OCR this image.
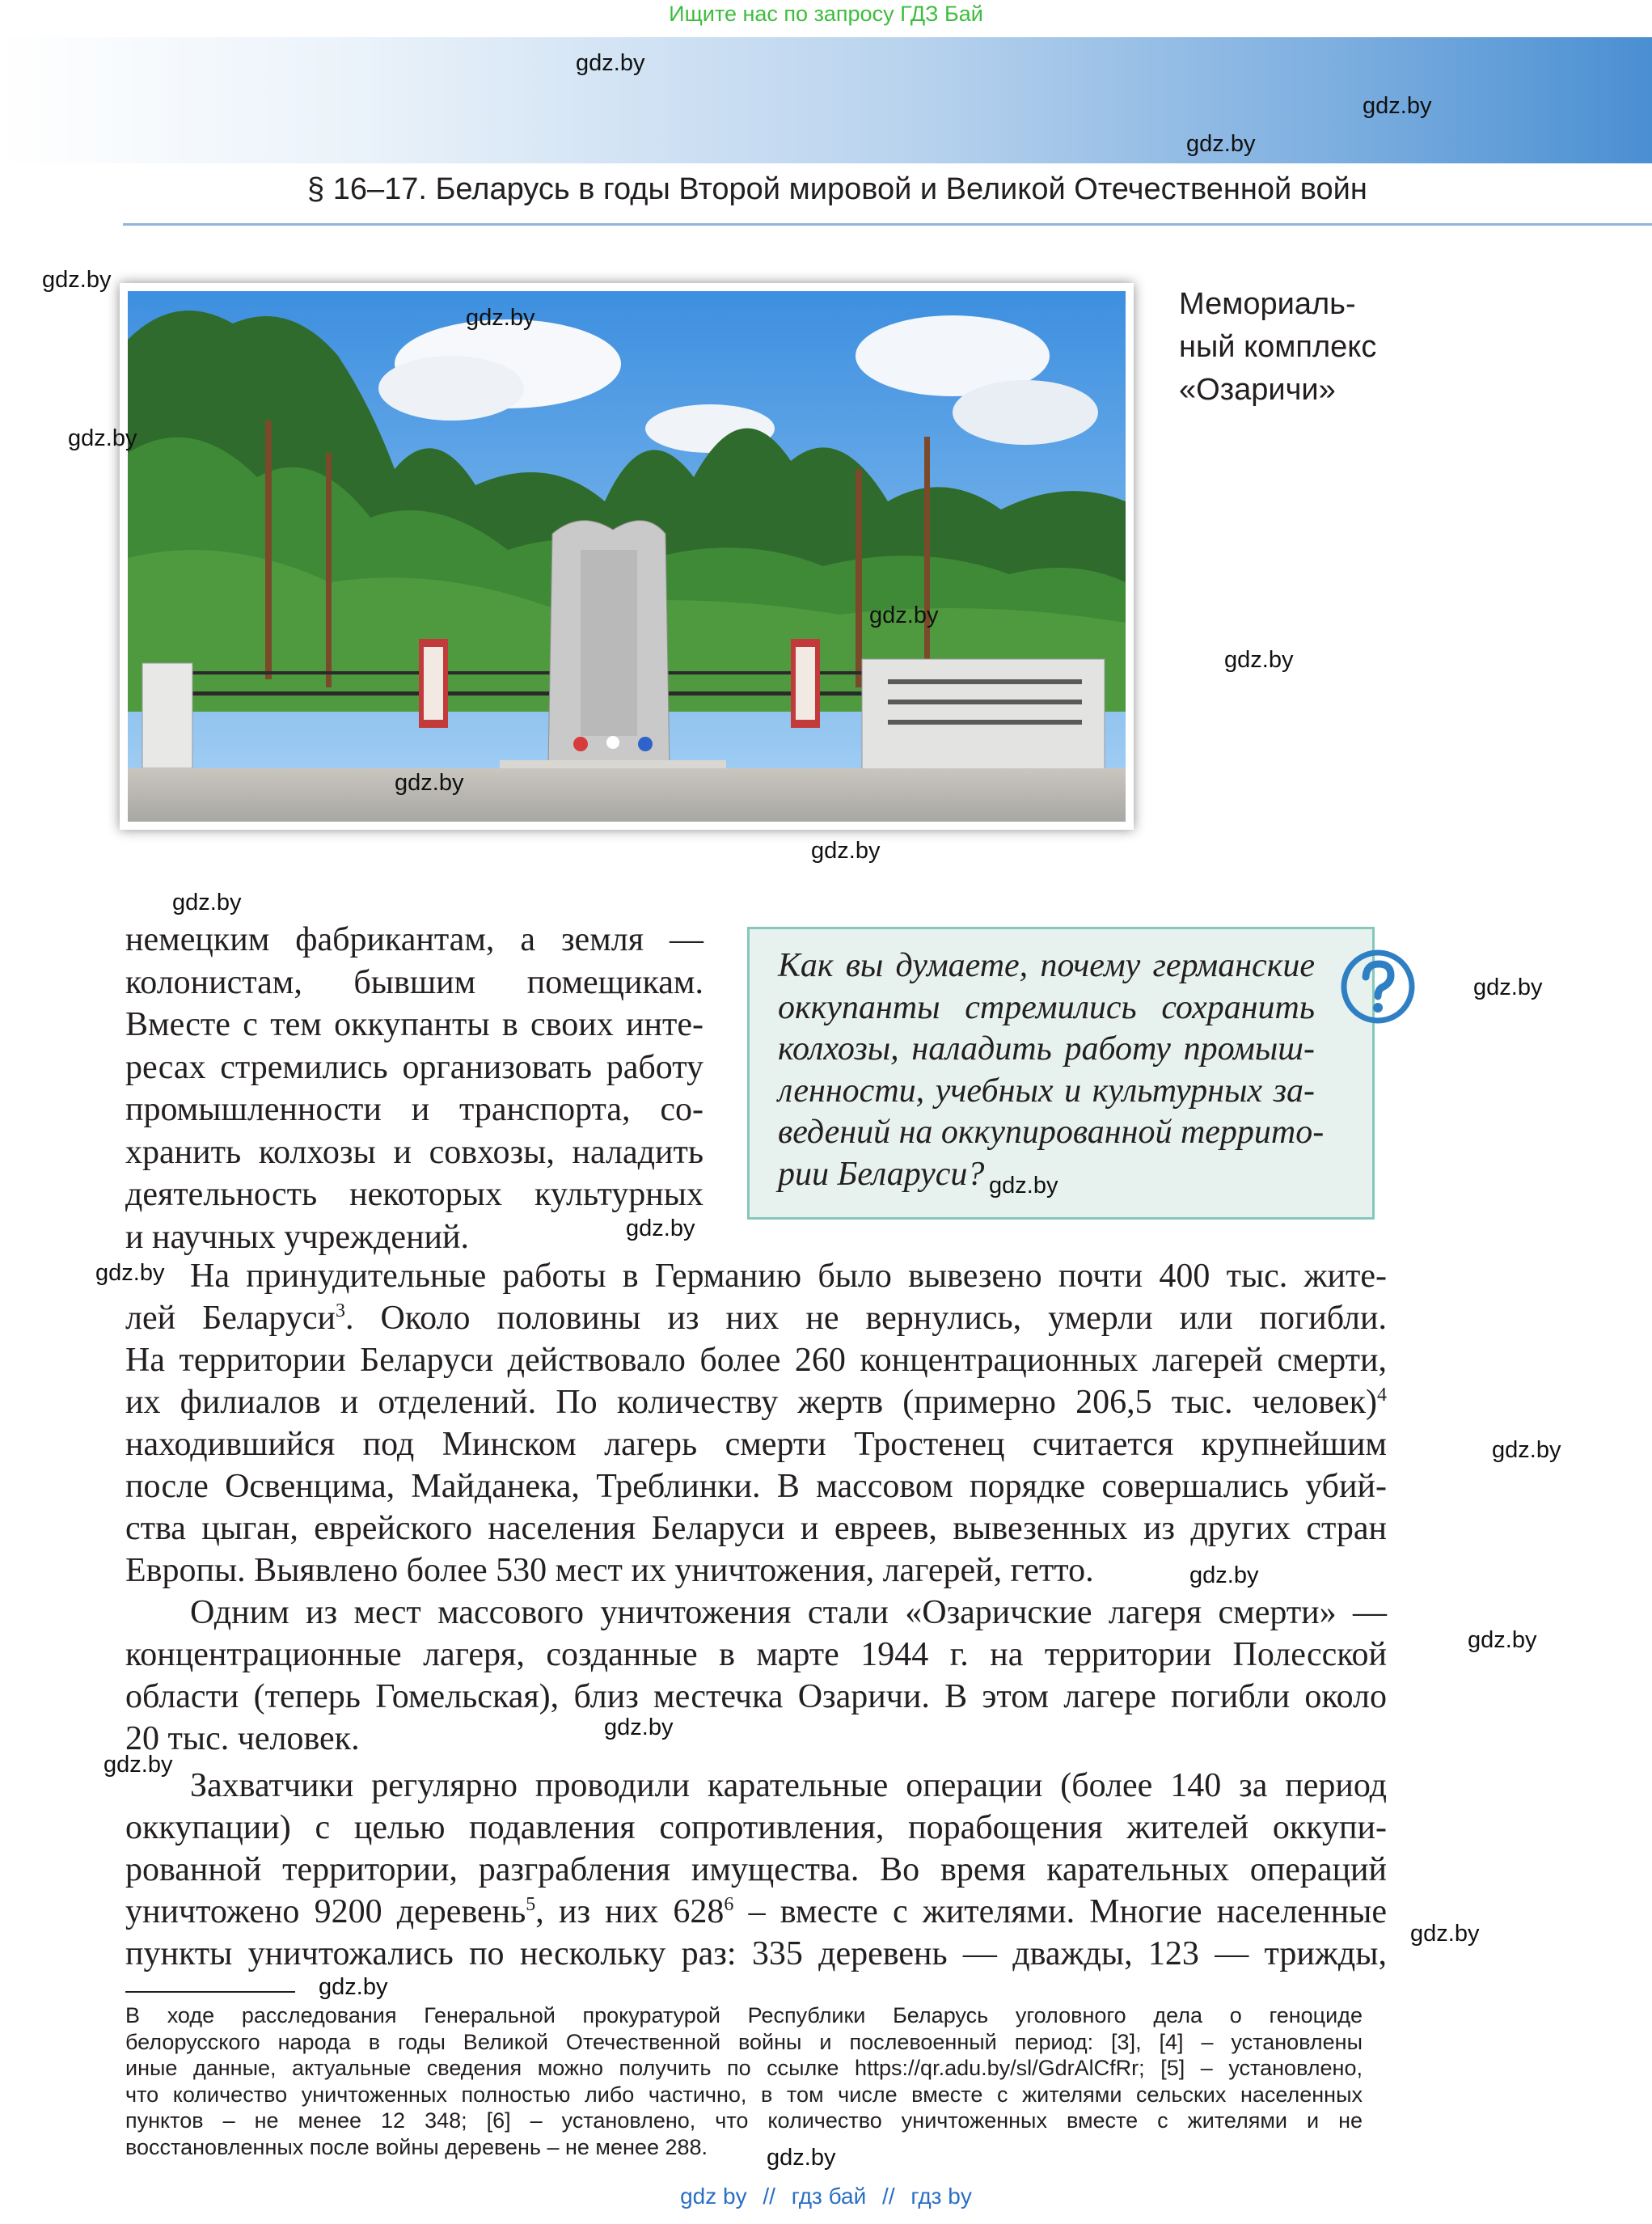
Ищите нас по запросу ГДЗ Бай
§ 16–17. Беларусь в годы Второй мировой и Великой Отечественной войн
Мемориаль-
ный комплекс
«Озаричи»
немецким фабрикантам, а земля —
колонистам, бывшим помещикам.
Вместе с тем оккупанты в своих инте-
ресах стремились организовать работу
промышленности и транспорта, со-
хранить колхозы и совхозы, наладить
деятельность некоторых культурных
и научных учреждений.
Как вы думаете, почему германские
оккупанты стремились сохранить
колхозы, наладить работу промыш-
ленности, учебных и культурных за-
ведений на оккупированной террито-
рии Беларуси?
На принудительные работы в Германию было вывезено почти 400 тыс. жите-
лей Беларуси$^3$. Около половины из них не вернулись, умерли или погибли.
На территории Беларуси действовало более 260 концентрационных лагерей смерти,
их филиалов и отделений. По количеству жертв (примерно 206,5 тыс. человек)$^4$
находившийся под Минском лагерь смерти Тростенец считается крупнейшим
после Освенцима, Майданека, Треблинки. В массовом порядке совершались убий-
ства цыган, еврейского населения Беларуси и евреев, вывезенных из других стран
Европы. Выявлено более 530 мест их уничтожения, лагерей, гетто.
Одним из мест массового уничтожения стали «Озаричские лагеря смерти» —
концентрационные лагеря, созданные в марте 1944 г. на территории Полесской
области (теперь Гомельская), близ местечка Озаричи. В этом лагере погибли около
20 тыс. человек.
Захватчики регулярно проводили карательные операции (более 140 за период
оккупации) с целью подавления сопротивления, порабощения жителей оккупи-
рованной территории, разграбления имущества. Во время карательных операций
уничтожено 9200 деревень$^5$, из них $628^6$ – вместе с жителями. Многие населенные
пункты уничтожались по нескольку раз: 335 деревень — дважды, 123 — трижды,
В ходе расследования Генеральной прокуратурой Республики Беларусь уголовного дела о геноциде
белорусского народа в годы Великой Отечественной войны и послевоенный период: [3], [4] – установлены
иные данные, актуальные сведения можно получить по ссылке https://qr.adu.by/sl/GdrAlCfRr; [5] – установлено,
что количество уничтоженных полностью либо частично, в том числе вместе с жителями сельских населенных
пунктов – не менее 12 348; [6] – установлено, что количество уничтоженных вместе с жителями и не
восстановленных после войны деревень – не менее 288.
gdz.by
gdz.by
gdz.by
gdz.by
gdz.by
gdz.by
gdz.by
gdz.by
gdz.by
gdz.by
gdz.by
gdz.by
gdz.by
gdz.by
gdz.by
gdz.by
gdz.by
gdz.by
gdz.by
gdz.by
gdz.by
gdz.by
gdz.by
gdz by // гдз бай // гдз by
